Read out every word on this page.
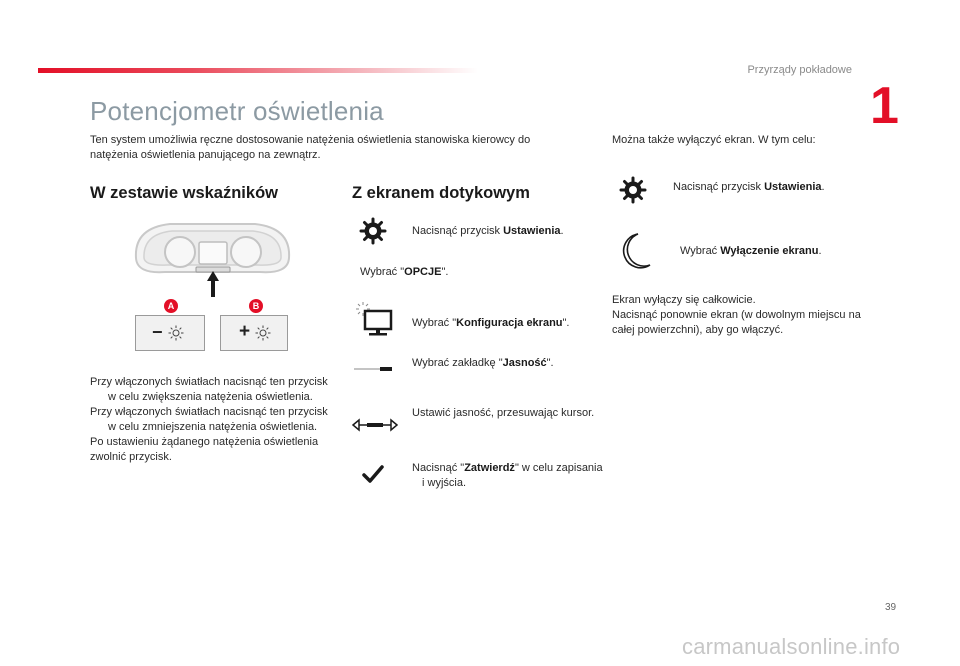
Przyrządy pokładowe
1
Potencjometr oświetlenia
Ten system umożliwia ręczne dostosowanie natężenia oświetlenia stanowiska kierowcy do natężenia oświetlenia panującego na zewnątrz.
Można także wyłączyć ekran. W tym celu:
W zestawie wskaźników
A	B
−	+

Przy włączonych światłach nacisnąć ten przycisk w celu zwiększenia natężenia oświetlenia.

Przy włączonych światłach nacisnąć ten przycisk w celu zmniejszenia natężenia oświetlenia.

Po ustawieniu żądanego natężenia oświetlenia zwolnić przycisk.

Z ekranem dotykowym
Nacisnąć przycisk Ustawienia.
Wybrać "OPCJE".
Wybrać "Konfiguracja ekranu".
Wybrać zakładkę "Jasność".
Ustawić jasność, przesuwając kursor.
Nacisnąć "Zatwierdź" w celu zapisania i wyjścia.
Nacisnąć przycisk Ustawienia.
Wybrać Wyłączenie ekranu.

Ekran wyłączy się całkowicie.

Nacisnąć ponownie ekran (w dowolnym miejscu na całej powierzchni), aby go włączyć.

39
carmanualsonline.info
